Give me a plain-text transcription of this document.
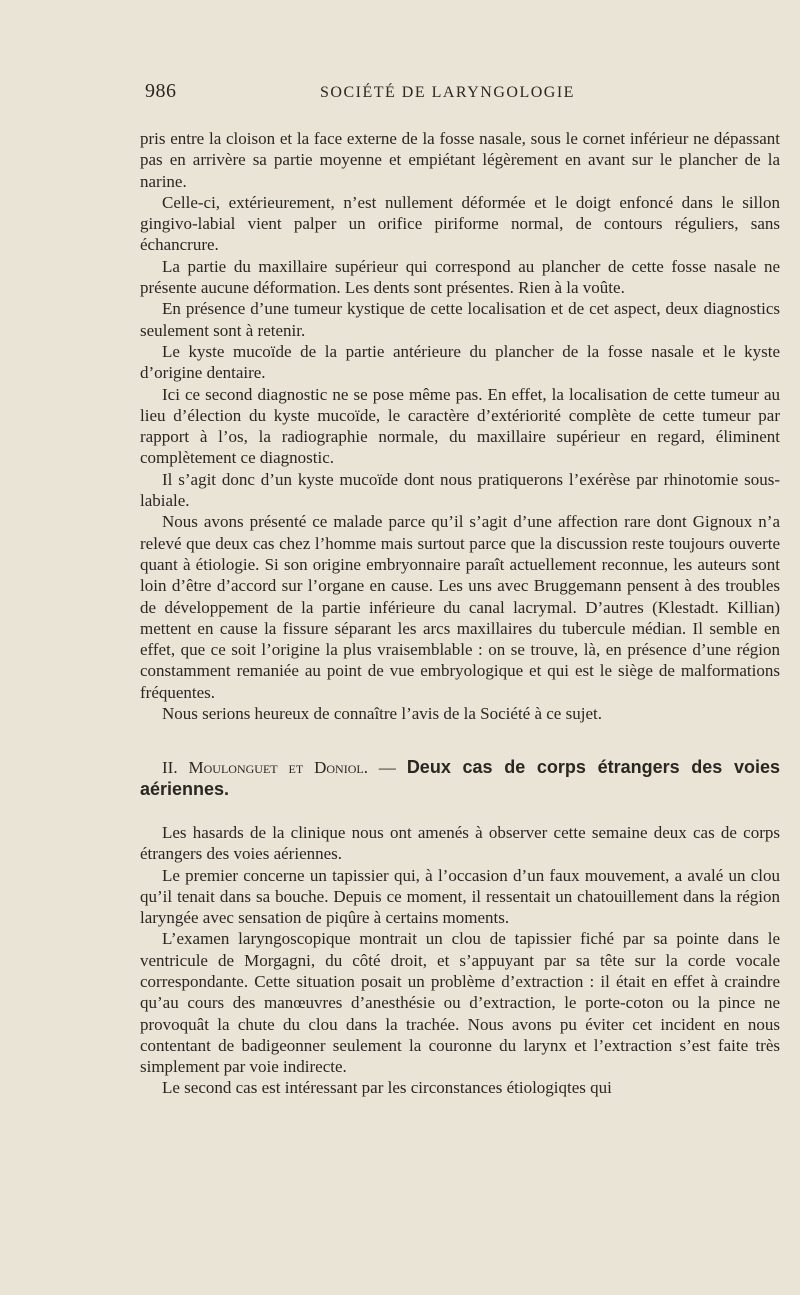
986	SOCIÉTÉ DE LARYNGOLOGIE

pris entre la cloison et la face externe de la fosse nasale, sous le cornet inférieur ne dépassant pas en arrivère sa partie moyenne et empiétant légèrement en avant sur le plancher de la narine.

Celle-ci, extérieurement, n’est nullement déformée et le doigt enfoncé dans le sillon gingivo-labial vient palper un orifice piriforme normal, de contours réguliers, sans échancrure.

La partie du maxillaire supérieur qui correspond au plancher de cette fosse nasale ne présente aucune déformation. Les dents sont présentes. Rien à la voûte.

En présence d’une tumeur kystique de cette localisation et de cet aspect, deux diagnostics seulement sont à retenir.

Le kyste mucoïde de la partie antérieure du plancher de la fosse nasale et le kyste d’origine dentaire.

Ici ce second diagnostic ne se pose même pas. En effet, la localisation de cette tumeur au lieu d’élection du kyste mucoïde, le caractère d’extériorité complète de cette tumeur par rapport à l’os, la radiographie normale, du maxillaire supérieur en regard, éliminent complètement ce diagnostic.

Il s’agit donc d’un kyste mucoïde dont nous pratiquerons l’exérèse par rhinotomie sous-labiale.

Nous avons présenté ce malade parce qu’il s’agit d’une affection rare dont Gignoux n’a relevé que deux cas chez l’homme mais surtout parce que la discussion reste toujours ouverte quant à étiologie. Si son origine embryonnaire paraît actuellement reconnue, les auteurs sont loin d’être d’accord sur l’organe en cause. Les uns avec Bruggemann pensent à des troubles de développement de la partie inférieure du canal lacrymal. D’autres (Klestadt. Killian) mettent en cause la fissure séparant les arcs maxillaires du tubercule médian. Il semble en effet, que ce soit l’origine la plus vraisemblable : on se trouve, là, en présence d’une région constamment remaniée au point de vue embryologique et qui est le siège de malformations fréquentes.

Nous serions heureux de connaître l’avis de la Société à ce sujet.

II. Moulonguet et Doniol. — Deux cas de corps étrangers des voies aériennes.

Les hasards de la clinique nous ont amenés à observer cette semaine deux cas de corps étrangers des voies aériennes.

Le premier concerne un tapissier qui, à l’occasion d’un faux mouvement, a avalé un clou qu’il tenait dans sa bouche. Depuis ce moment, il ressentait un chatouillement dans la région laryngée avec sensation de piqûre à certains moments.

L’examen laryngoscopique montrait un clou de tapissier fiché par sa pointe dans le ventricule de Morgagni, du côté droit, et s’appuyant par sa tête sur la corde vocale correspondante. Cette situation posait un problème d’extraction : il était en effet à craindre qu’au cours des manœuvres d’anesthésie ou d’extraction, le porte-coton ou la pince ne provoquât la chute du clou dans la trachée. Nous avons pu éviter cet incident en nous contentant de badigeonner seulement la couronne du larynx et l’extraction s’est faite très simplement par voie indirecte.

Le second cas est intéressant par les circonstances étiologiqtes qui
